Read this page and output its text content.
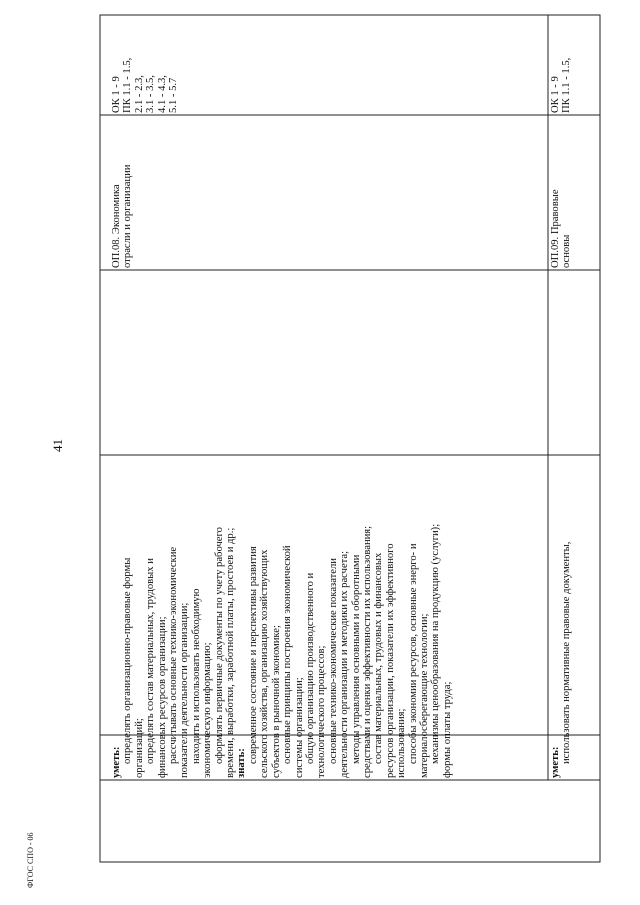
41
ФГОС СПО - 06
уметь: определять организационно-правовые формы организаций; определять состав материальных, трудовых и финансовых ресурсов организации; рассчитывать основные технико-экономические показатели деятельности организации; находить и использовать необходимую экономическую информацию; оформлять первичные документы по учету рабочего времени, выработки, заработной платы, простоев и др.; знать: современное состояние и перспективы развития сельского хозяйства, организацию хозяйствующих субъектов в рыночной экономике; основные принципы построения экономической системы организации; общую организацию производственного и технологического процессов; основные технико-экономические показатели деятельности организации и методики их расчета; методы управления основными и оборотными средствами и оценки эффективности их использования; состав материальных, трудовых и финансовых ресурсов организации, показатели их эффективного использования; способы экономии ресурсов, основные энерго- и материалосберегающие технологии; механизмы ценообразования на продукцию (услуги); формы оплаты труда;
ОП.08. Экономика отрасли и организации
ОК 1 - 9 ПК 1.1 - 1.5, 2.1 - 2.3, 3.1 - 3.5, 4.1 - 4.3, 5.1 - 5.7
уметь: использовать нормативные правовые документы,
ОП.09. Правовые основы
ОК 1 - 9 ПК 1.1 - 1.5,
